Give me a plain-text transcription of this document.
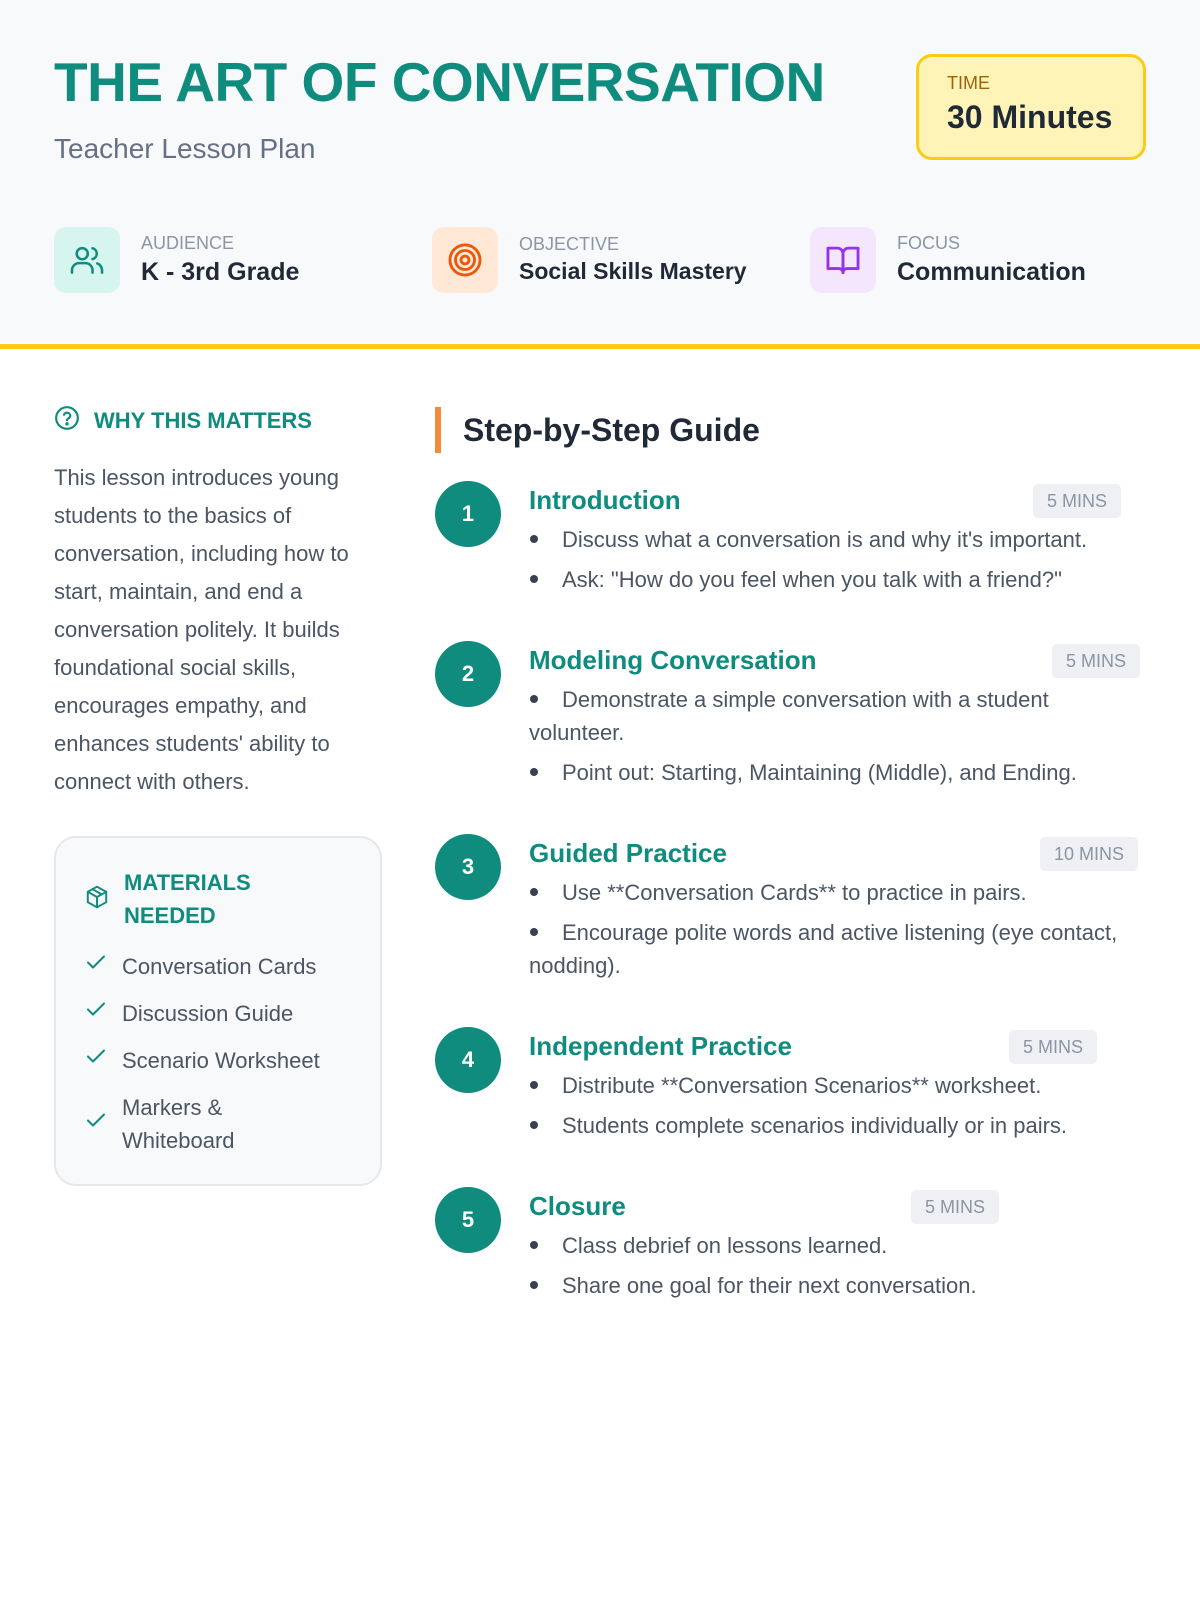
THE ART OF CONVERSATION
Teacher Lesson Plan
TIME
30 Minutes
AUDIENCE
K - 3rd Grade
OBJECTIVE
Social Skills Mastery
FOCUS
Communication
WHY THIS MATTERS

This lesson introduces young students to the basics of conversation, including how to start, maintain, and end a conversation politely. It builds foundational social skills, encourages empathy, and enhances students' ability to connect with others.

MATERIALS NEEDED
Conversation Cards
Discussion Guide
Scenario Worksheet
Markers & Whiteboard
Step-by-Step Guide
1	Introduction	5 MINS
Discuss what a conversation is and why it's important.
Ask: "How do you feel when you talk with a friend?"
2	Modeling Conversation	5 MINS
Demonstrate a simple conversation with a student volunteer.
Point out: Starting, Maintaining (Middle), and Ending.
3	Guided Practice	10 MINS
Use **Conversation Cards** to practice in pairs.
Encourage polite words and active listening (eye contact, nodding).
4	Independent Practice	5 MINS
Distribute **Conversation Scenarios** worksheet.
Students complete scenarios individually or in pairs.
5	Closure	5 MINS
Class debrief on lessons learned.
Share one goal for their next conversation.
